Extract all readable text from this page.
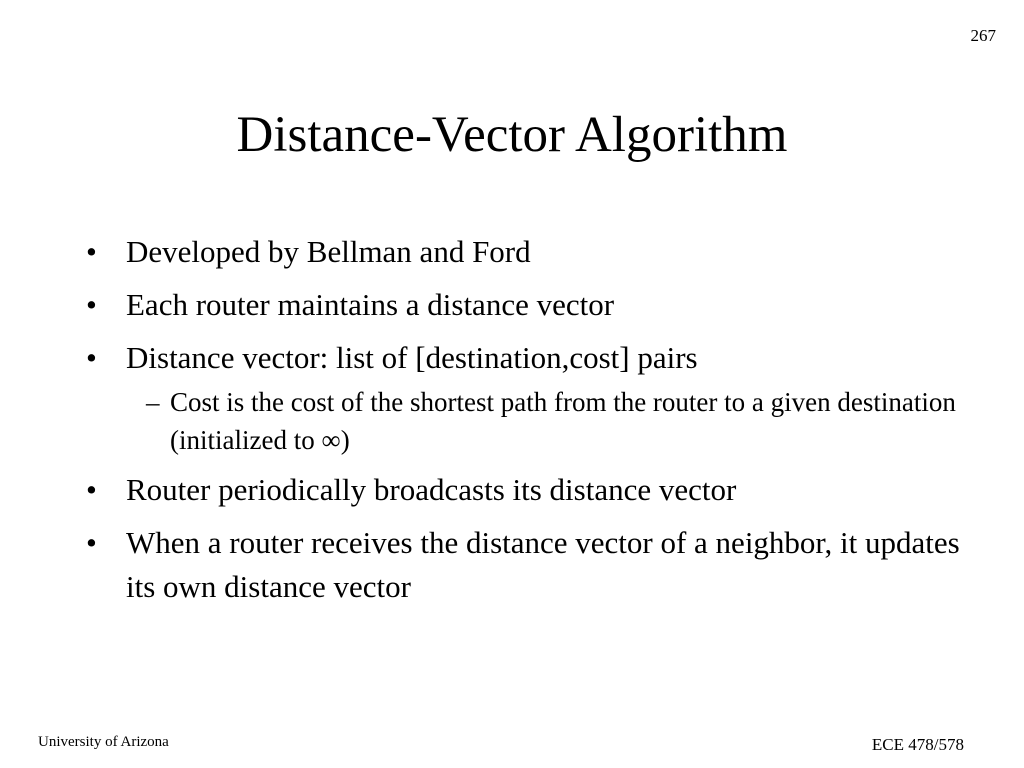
267
Distance-Vector Algorithm
• Developed by Bellman and Ford
• Each router maintains a distance vector
• Distance vector: list of [destination,cost] pairs
– Cost is the cost of the shortest path from the router to a given destination (initialized to ∞)
• Router periodically broadcasts its distance vector
• When a router receives the distance vector of a neighbor, it updates its own distance vector
University of Arizona	ECE 478/578
